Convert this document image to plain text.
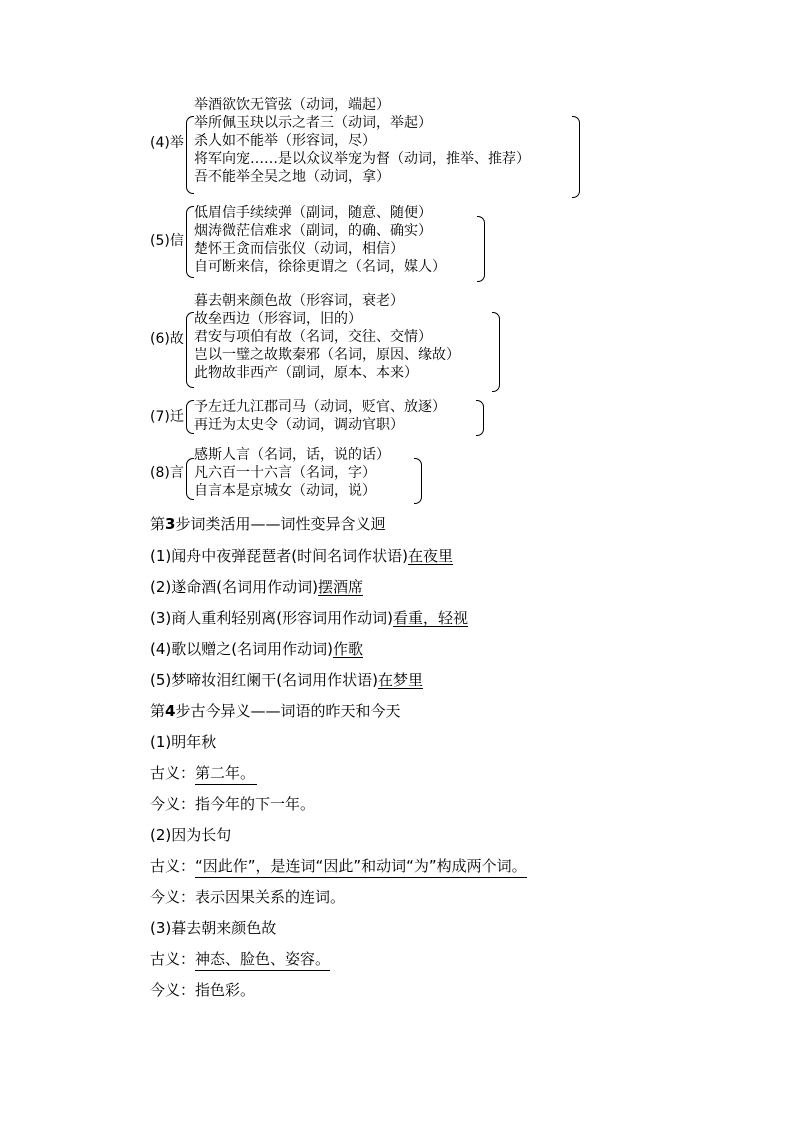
(4)举
举酒欲饮无管弦（动词，端起）
举所佩玉玦以示之者三（动词，举起）
杀人如不能举（形容词，尽）
将军向宠……是以众议举宠为督（动词，推举、推荐）
吾不能举全吴之地（动词，拿）
(5)信
低眉信手续续弹（副词，随意、随便）
烟涛微茫信难求（副词，的确、确实）
楚怀王贪而信张仪（动词，相信）
自可断来信，徐徐更谓之（名词，媒人）
(6)故
暮去朝来颜色故（形容词，衰老）
故垒西边（形容词，旧的）
君安与项伯有故（名词，交往、交情）
岂以一璧之故欺秦邪（名词，原因、缘故）
此物故非西产（副词，原本、本来）
(7)迁
予左迁九江郡司马（动词，贬官、放逐）
再迁为太史令（动词，调动官职）
(8)言
感斯人言（名词，话，说的话）
凡六百一十六言（名词，字）
自言本是京城女（动词，说）
第3步词类活用——词性变异含义迥
(1)闻舟中夜弹琵琶者(时间名词作状语)在夜里
(2)遂命酒(名词用作动词)摆酒席
(3)商人重利轻别离(形容词用作动词)看重，轻视
(4)歌以赠之(名词用作动词)作歌
(5)梦啼妆泪红阑干(名词用作状语)在梦里
第4步古今异义——词语的昨天和今天
(1)明年秋
古义：第二年。
今义：指今年的下一年。
(2)因为长句
古义：“因此作”，是连词“因此”和动词“为”构成两个词。
今义：表示因果关系的连词。
(3)暮去朝来颜色故
古义：神态、脸色、姿容。
今义：指色彩。
